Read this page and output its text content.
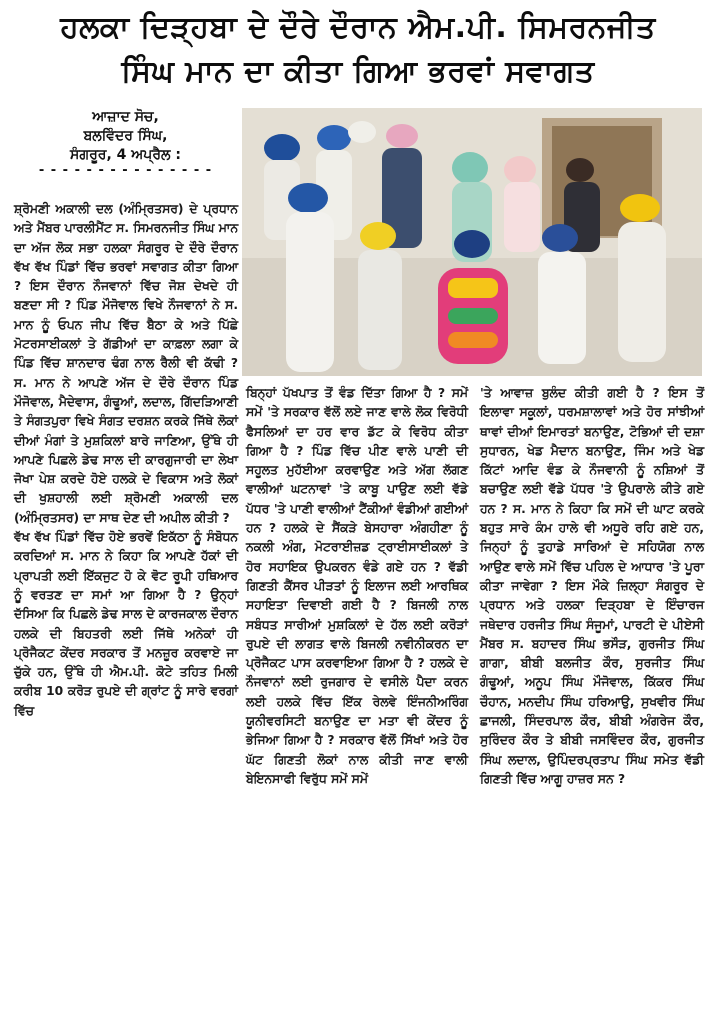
ਹਲਕਾ ਦਿੜ੍ਹਬਾ ਦੇ ਦੌਰੇ ਦੌਰਾਨ ਐਮ.ਪੀ. ਸਿਮਰਨਜੀਤ
ਸਿੰਘ ਮਾਨ ਦਾ ਕੀਤਾ ਗਿਆ ਭਰਵਾਂ ਸਵਾਗਤ
ਆਜ਼ਾਦ ਸੋਚ,
ਬਲਵਿੰਦਰ ਸਿੰਘ,
ਸੰਗਰੂਰ, 4 ਅਪ੍ਰੈਲ :
- - - - - - - - - - - - - - -

ਸ਼੍ਰੋਮਣੀ ਅਕਾਲੀ ਦਲ (ਅੰਮ੍ਰਿਤਸਰ) ਦੇ ਪ੍ਰਧਾਨ ਅਤੇ ਮੈਂਬਰ ਪਾਰਲੀਮੈਂਟ ਸ. ਸਿਮਰਨਜੀਤ ਸਿੰਘ ਮਾਨ ਦਾ ਅੱਜ ਲੋਕ ਸਭਾ ਹਲਕਾ ਸੰਗਰੂਰ ਦੇ ਦੌਰੇ ਦੌਰਾਨ ਵੱਖ ਵੱਖ ਪਿੰਡਾਂ ਵਿੱਚ ਭਰਵਾਂ ਸਵਾਗਤ ਕੀਤਾ ਗਿਆ ? ਇਸ ਦੌਰਾਨ ਨੌਜਵਾਨਾਂ ਵਿੱਚ ਜੋਸ਼ ਦੇਖਦੇ ਹੀ ਬਣਦਾ ਸੀ ? ਪਿੰਡ ਮੌਜੋਵਾਲ ਵਿਖੇ ਨੌਜਵਾਨਾਂ ਨੇ ਸ. ਮਾਨ ਨੂੰ ਓਪਨ ਜੀਪ ਵਿੱਚ ਬੈਠਾ ਕੇ ਅਤੇ ਪਿੱਛੇ ਮੋਟਰਸਾਈਕਲਾਂ ਤੇ ਗੱਡੀਆਂ ਦਾ ਕਾਫ਼ਲਾ ਲਗਾ ਕੇ ਪਿੰਡ ਵਿੱਚ ਸ਼ਾਨਦਾਰ ਢੰਗ ਨਾਲ ਰੈਲੀ ਵੀ ਕੱਢੀ ? ਸ. ਮਾਨ ਨੇ ਆਪਣੇ ਅੱਜ ਦੇ ਦੌਰੇ ਦੌਰਾਨ ਪਿੰਡ ਮੌਜੋਵਾਲ, ਮੈਦੇਵਾਸ, ਗੰਢੂਆਂ, ਲਦਾਲ, ਗਿੱਦੜਿਆਣੀ ਤੇ ਸੰਗਤਪੁਰਾ ਵਿਖੇ ਸੰਗਤ ਦਰਸ਼ਨ ਕਰਕੇ ਜਿੱਥੇ ਲੋਕਾਂ ਦੀਆਂ ਮੰਗਾਂ ਤੇ ਮੁਸ਼ਕਿਲਾਂ ਬਾਰੇ ਜਾਣਿਆ, ਉੱਥੇ ਹੀ ਆਪਣੇ ਪਿਛਲੇ ਡੇਢ ਸਾਲ ਦੀ ਕਾਰਗੁਜਾਰੀ ਦਾ ਲੇਖਾ ਜੋਖਾ ਪੇਸ਼ ਕਰਦੇ ਹੋਏ ਹਲਕੇ ਦੇ ਵਿਕਾਸ ਅਤੇ ਲੋਕਾਂ ਦੀ ਖੁਸ਼ਹਾਲੀ ਲਈ ਸ਼੍ਰੋਮਣੀ ਅਕਾਲੀ ਦਲ (ਅੰਮ੍ਰਿਤਸਰ) ਦਾ ਸਾਥ ਦੇਣ ਦੀ ਅਪੀਲ ਕੀਤੀ ?

ਵੱਖ ਵੱਖ ਪਿੰਡਾਂ ਵਿੱਚ ਹੋਏ ਭਰਵੇਂ ਇਕੱਠਾ ਨੂੰ ਸੰਬੋਧਨ ਕਰਦਿਆਂ ਸ. ਮਾਨ ਨੇ ਕਿਹਾ ਕਿ ਆਪਣੇ ਹੱਕਾਂ ਦੀ ਪ੍ਰਾਪਤੀ ਲਈ ਇੱਕਜੁਟ ਹੋ ਕੇ ਵੋਟ ਰੂਪੀ ਹਥਿਆਰ ਨੂੰ ਵਰਤਣ ਦਾ ਸਮਾਂ ਆ ਗਿਆ ਹੈ ? ਉਨ੍ਹਾਂ ਦੱਸਿਆ ਕਿ ਪਿਛਲੇ ਡੇਢ ਸਾਲ ਦੇ ਕਾਰਜਕਾਲ ਦੌਰਾਨ ਹਲਕੇ ਦੀ ਬਿਹਤਰੀ ਲਈ ਜਿੱਥੇ ਅਨੇਕਾਂ ਹੀ ਪ੍ਰੋਜੈਕਟ ਕੇਂਦਰ ਸਰਕਾਰ ਤੋਂ ਮਨਜ਼ੂਰ ਕਰਵਾਏ ਜਾ ਚੁੱਕੇ ਹਨ, ਉੱਥੇ ਹੀ ਐਮ.ਪੀ. ਕੋਟੇ ਤਹਿਤ ਮਿਲੀ ਕਰੀਬ 10 ਕਰੋੜ ਰੁਪਏ ਦੀ ਗ੍ਰਾਂਟ ਨੂੰ ਸਾਰੇ ਵਰਗਾਂ ਵਿੱਚ

ਬਿਨ੍ਹਾਂ ਪੱਖਪਾਤ ਤੋਂ ਵੰਡ ਦਿੱਤਾ ਗਿਆ ਹੈ ? ਸਮੇਂ ਸਮੇਂ 'ਤੇ ਸਰਕਾਰ ਵੱਲੋਂ ਲਏ ਜਾਣ ਵਾਲੇ ਲੋਕ ਵਿਰੋਧੀ ਫੈਸਲਿਆਂ ਦਾ ਹਰ ਵਾਰ ਡੱਟ ਕੇ ਵਿਰੋਧ ਕੀਤਾ ਗਿਆ ਹੈ ? ਪਿੰਡ ਵਿੱਚ ਪੀਣ ਵਾਲੇ ਪਾਣੀ ਦੀ ਸਹੂਲਤ ਮੁਹੱਈਆ ਕਰਵਾਉਣ ਅਤੇ ਅੱਗ ਲੱਗਣ ਵਾਲੀਆਂ ਘਟਨਾਵਾਂ 'ਤੇ ਕਾਬੂ ਪਾਉਣ ਲਈ ਵੱਡੇ ਪੱਧਰ 'ਤੇ ਪਾਣੀ ਵਾਲੀਆਂ ਟੈਂਕੀਆਂ ਵੰਡੀਆਂ ਗਈਆਂ ਹਨ ? ਹਲਕੇ ਦੇ ਸੈਂਕੜੇ ਬੇਸਹਾਰਾ ਅੰਗਹੀਣਾ ਨੂੰ ਨਕਲੀ ਅੰਗ, ਮੋਟਰਾਈਜ਼ਡ ਟ੍ਰਾਈਸਾਈਕਲਾਂ ਤੇ ਹੋਰ ਸਹਾਇਕ ਉਪਕਰਨ ਵੰਡੇ ਗਏ ਹਨ ? ਵੱਡੀ ਗਿਣਤੀ ਕੈਂਸਰ ਪੀੜਤਾਂ ਨੂੰ ਇਲਾਜ ਲਈ ਆਰਥਿਕ ਸਹਾਇਤਾ ਦਿਵਾਈ ਗਈ ਹੈ ? ਬਿਜਲੀ ਨਾਲ ਸਬੰਧਤ ਸਾਰੀਆਂ ਮੁਸ਼ਕਿਲਾਂ ਦੇ ਹੱਲ ਲਈ ਕਰੋੜਾਂ ਰੁਪਏ ਦੀ ਲਾਗਤ ਵਾਲੇ ਬਿਜਲੀ ਨਵੀਨੀਕਰਨ ਦਾ ਪ੍ਰੋਜੈਕਟ ਪਾਸ ਕਰਵਾਇਆ ਗਿਆ ਹੈ ? ਹਲਕੇ ਦੇ ਨੌਜਵਾਨਾਂ ਲਈ ਰੁਜਗਾਰ ਦੇ ਵਸੀਲੇ ਪੈਦਾ ਕਰਨ ਲਈ ਹਲਕੇ ਵਿੱਚ ਇੱਕ ਰੇਲਵੇ ਇੰਜਨੀਅਰਿੰਗ ਯੂਨੀਵਰਸਿਟੀ ਬਨਾਉਣ ਦਾ ਮਤਾ ਵੀ ਕੇਂਦਰ ਨੂੰ ਭੇਜਿਆ ਗਿਆ ਹੈ ? ਸਰਕਾਰ ਵੱਲੋਂ ਸਿੱਖਾਂ ਅਤੇ ਹੋਰ ਘੱਟ ਗਿਣਤੀ ਲੋਕਾਂ ਨਾਲ ਕੀਤੀ ਜਾਣ ਵਾਲੀ ਬੇਇਨਸਾਫੀ ਵਿਰੁੱਧ ਸਮੇਂ ਸਮੇਂ

'ਤੇ ਆਵਾਜ਼ ਬੁਲੰਦ ਕੀਤੀ ਗਈ ਹੈ ? ਇਸ ਤੋਂ ਇਲਾਵਾ ਸਕੂਲਾਂ, ਧਰਮਸ਼ਾਲਾਵਾਂ ਅਤੇ ਹੋਰ ਸਾਂਝੀਆਂ ਥਾਵਾਂ ਦੀਆਂ ਇਮਾਰਤਾਂ ਬਨਾਉਣ, ਟੋਭਿਆਂ ਦੀ ਦਸ਼ਾ ਸੁਧਾਰਨ, ਖੇਡ ਮੈਦਾਨ ਬਨਾਉਣ, ਜਿੰਮ ਅਤੇ ਖੇਡ ਕਿੱਟਾਂ ਆਦਿ ਵੰਡ ਕੇ ਨੌਜਵਾਨੀ ਨੂੰ ਨਸ਼ਿਆਂ ਤੋਂ ਬਚਾਉਣ ਲਈ ਵੱਡੇ ਪੱਧਰ 'ਤੇ ਉਪਰਾਲੇ ਕੀਤੇ ਗਏ ਹਨ ? ਸ. ਮਾਨ ਨੇ ਕਿਹਾ ਕਿ ਸਮੇਂ ਦੀ ਘਾਟ ਕਰਕੇ ਬਹੁਤ ਸਾਰੇ ਕੰਮ ਹਾਲੇ ਵੀ ਅਧੂਰੇ ਰਹਿ ਗਏ ਹਨ, ਜਿਨ੍ਹਾਂ ਨੂੰ ਤੁਹਾਡੇ ਸਾਰਿਆਂ ਦੇ ਸਹਿਯੋਗ ਨਾਲ ਆਉਣ ਵਾਲੇ ਸਮੇਂ ਵਿੱਚ ਪਹਿਲ ਦੇ ਆਧਾਰ 'ਤੇ ਪੂਰਾ ਕੀਤਾ ਜਾਵੇਗਾ ? ਇਸ ਮੌਕੇ ਜ਼ਿਲ੍ਹਾ ਸੰਗਰੂਰ ਦੇ ਪ੍ਰਧਾਨ ਅਤੇ ਹਲਕਾ ਦਿੜ੍ਹਬਾ ਦੇ ਇੰਚਾਰਜ ਜਥੇਦਾਰ ਹਰਜੀਤ ਸਿੰਘ ਸੰਜੂਮਾਂ, ਪਾਰਟੀ ਦੇ ਪੀਏਸੀ ਮੈਂਬਰ ਸ. ਬਹਾਦਰ ਸਿੰਘ ਭਸੌੜ, ਗੁਰਜੀਤ ਸਿੰਘ ਗਾਗਾ, ਬੀਬੀ ਬਲਜੀਤ ਕੌਰ, ਸੁਰਜੀਤ ਸਿੰਘ ਗੰਢੂਆਂ, ਅਨੂਪ ਸਿੰਘ ਮੌਜੋਵਾਲ, ਕਿੱਕਰ ਸਿੰਘ ਚੌਹਾਨ, ਮਨਦੀਪ ਸਿੰਘ ਹਰਿਆਉ, ਸੁਖਵੀਰ ਸਿੰਘ ਛਾਜਲੀ, ਸਿੰਦਰਪਾਲ ਕੌਰ, ਬੀਬੀ ਅੰਗਰੇਜ ਕੌਰ, ਸੁਰਿੰਦਰ ਕੌਰ ਤੇ ਬੀਬੀ ਜਸਵਿੰਦਰ ਕੌਰ, ਗੁਰਜੀਤ ਸਿੰਘ ਲਦਾਲ, ਉਪਿੰਦਰਪ੍ਰਤਾਪ ਸਿੰਘ ਸਮੇਤ ਵੱਡੀ ਗਿਣਤੀ ਵਿੱਚ ਆਗੂ ਹਾਜ਼ਰ ਸਨ ?
